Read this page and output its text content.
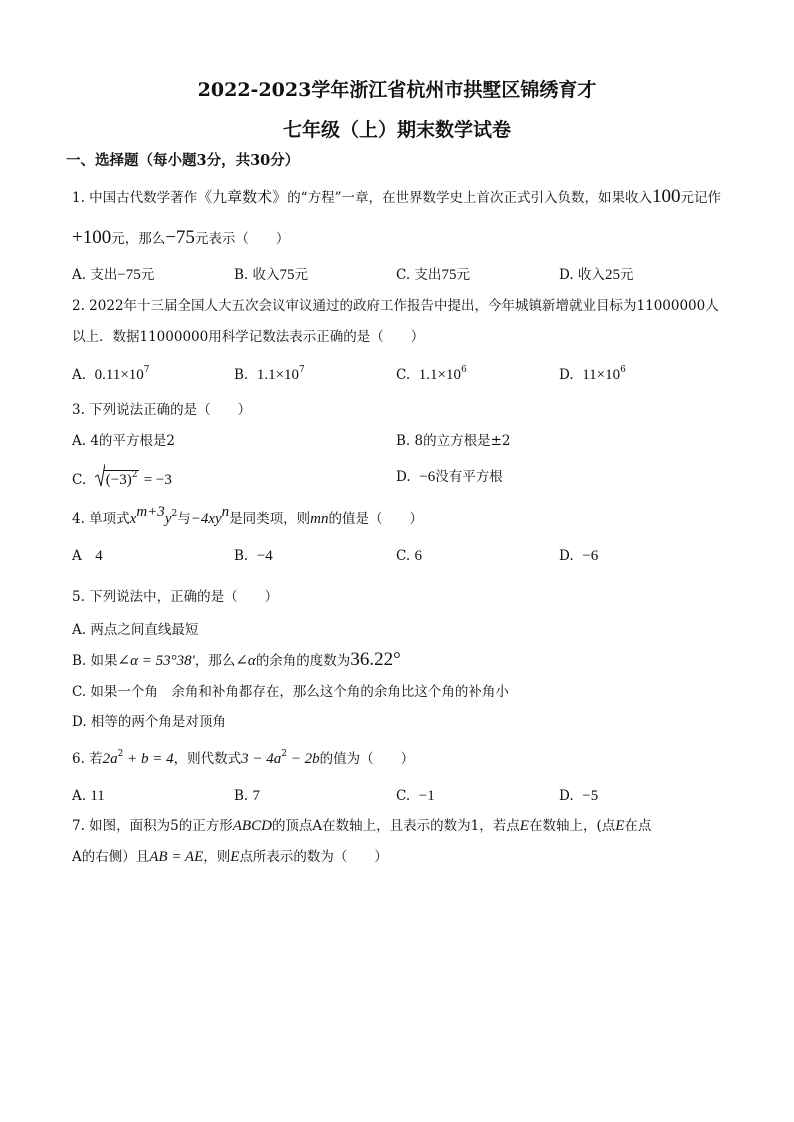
2022-2023学年浙江省杭州市拱墅区锦绣育才
七年级（上）期末数学试卷
一、选择题（每小题3分，共30分）
1. 中国古代数学著作《九章数术》的“方程”一章，在世界数学史上首次正式引入负数，如果收入100元记作
+100元，那么−75元表示（　　）
A. 支出−75元	B. 收入75元	C. 支出75元	D. 收入25元
2. 2022年十三届全国人大五次会议审议通过的政府工作报告中提出，今年城镇新增就业目标为11000000人
以上．数据11000000用科学记数法表示正确的是（　　）
A. $0.11\times 10^7$	B. $1.1\times 10^7$	C. $1.1\times 10^6$	D. $11\times 10^6$
3. 下列说法正确的是（　　）
A. 4的平方根是2	B. 8的立方根是±2
C. $(-3)^2 = -3$	D. −6没有平方根
4. 单项式$x^{m+3}y^2$与$-4xy^n$是同类项，则mn的值是（　　）
A　4	B. −4	C. 6	D. −6
5. 下列说法中，正确的是（　　）
A. 两点之间直线最短
B. 如果∠α = 53°38′，那么∠α的余角的度数为36.22°
C. 如果一个角　余角和补角都存在，那么这个角的余角比这个角的补角小
D. 相等的两个角是对顶角
6. 若$2a^2 + b = 4$，则代数式$3 - 4a^2 - 2b$的值为（　　）
A. 11	B. 7	C. −1	D. −5
7. 如图，面积为5的正方形ABCD的顶点A在数轴上，且表示的数为1，若点E在数轴上，(点E在点
A的右侧）且AB = AE，则E点所表示的数为（　　）
